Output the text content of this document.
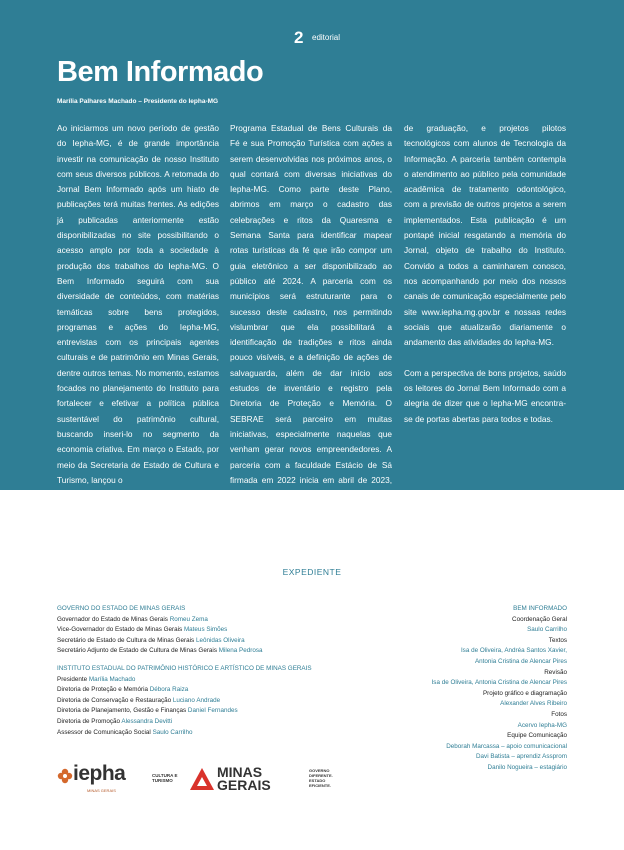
2 editorial
Bem Informado
Marília Palhares Machado – Presidente do Iepha-MG

Ao iniciarmos um novo período de gestão do Iepha-MG, é de grande importância investir na comunicação de nosso Instituto com seus diversos públicos. A retomada do Jornal Bem Informado após um hiato de publicações terá muitas frentes. As edições já publicadas anteriormente estão disponibilizadas no site possibilitando o acesso amplo por toda a sociedade à produção dos trabalhos do Iepha-MG. O Bem Informado seguirá com sua diversidade de conteúdos, com matérias temáticas sobre bens protegidos, programas e ações do Iepha-MG, entrevistas com os principais agentes culturais e de patrimônio em Minas Gerais, dentre outros temas. No momento, estamos focados no planejamento do Instituto para fortalecer e efetivar a política pública sustentável do patrimônio cultural, buscando inseri-lo no segmento da economia criativa. Em março o Estado, por meio da Secretaria de Estado de Cultura e Turismo, lançou o

Programa Estadual de Bens Culturais da Fé e sua Promoção Turística com ações a serem desenvolvidas nos próximos anos, o qual contará com diversas iniciativas do Iepha-MG. Como parte deste Plano, abrimos em março o cadastro das celebrações e ritos da Quaresma e Semana Santa para identificar mapear rotas turísticas da fé que irão compor um guia eletrônico a ser disponibilizado ao público até 2024. A parceria com os municípios será estruturante para o sucesso deste cadastro, nos permitindo vislumbrar que ela possibilitará a identificação de tradições e ritos ainda pouco visíveis, e a definição de ações de salvaguarda, além de dar início aos estudos de inventário e registro pela Diretoria de Proteção e Memória. O SEBRAE será parceiro em muitas iniciativas, especialmente naquelas que venham gerar novos empreendedores. A parceria com a faculdade Estácio de Sá firmada em 2022 inicia em abril de 2023, com a oferta de estágios em final

de graduação, e projetos pilotos tecnológicos com alunos de Tecnologia da Informação. A parceria também contempla o atendimento ao público pela comunidade acadêmica de tratamento odontológico, com a previsão de outros projetos a serem implementados. Esta publicação é um pontapé inicial resgatando a memória do Jornal, objeto de trabalho do Instituto. Convido a todos a caminharem conosco, nos acompanhando por meio dos nossos canais de comunicação especialmente pelo site www.iepha.mg.gov.br e nossas redes sociais que atualizarão diariamente o andamento das atividades do Iepha-MG.

Com a perspectiva de bons projetos, saúdo os leitores do Jornal Bem Informado com a alegria de dizer que o Iepha-MG encontra-se de portas abertas para todos e todas.

EXPEDIENTE
GOVERNO DO ESTADO DE MINAS GERAIS
Governador do Estado de Minas Gerais Romeu Zema
Vice-Governador do Estado de Minas Gerais Mateus Simões
Secretário de Estado de Cultura de Minas Gerais Leônidas Oliveira
Secretário Adjunto de Estado de Cultura de Minas Gerais Milena Pedrosa
INSTITUTO ESTADUAL DO PATRIMÔNIO HISTÓRICO E ARTÍSTICO DE MINAS GERAIS
Presidente Marília Machado
Diretoria de Proteção e Memória Débora Raiza
Diretoria de Conservação e Restauração Luciano Andrade
Diretoria de Planejamento, Gestão e Finanças Daniel Fernandes
Diretoria de Promoção Alessandra Devitti
Assessor de Comunicação Social Saulo Carrilho
BEM INFORMADO
Coordenação Geral
Saulo Carrilho
Textos
Isa de Oliveira, Andréa Santos Xavier,
Antonia Cristina de Alencar Pires
Revisão
Isa de Oliveira, Antonia Cristina de Alencar Pires
Projeto gráfico e diagramação
Alexander Alves Ribeiro
Fotos
Acervo Iepha-MG
Equipe Comunicação
Deborah Marcassa – apoio comunicacional
Davi Batista – aprendiz Assprom
Danilo Nogueira – estagiário
iepha
MINAS GERAIS
CULTURA E
TURISMO
MINAS
GERAIS
GOVERNO
DIFERENTE.
ESTADO
EFICIENTE.
